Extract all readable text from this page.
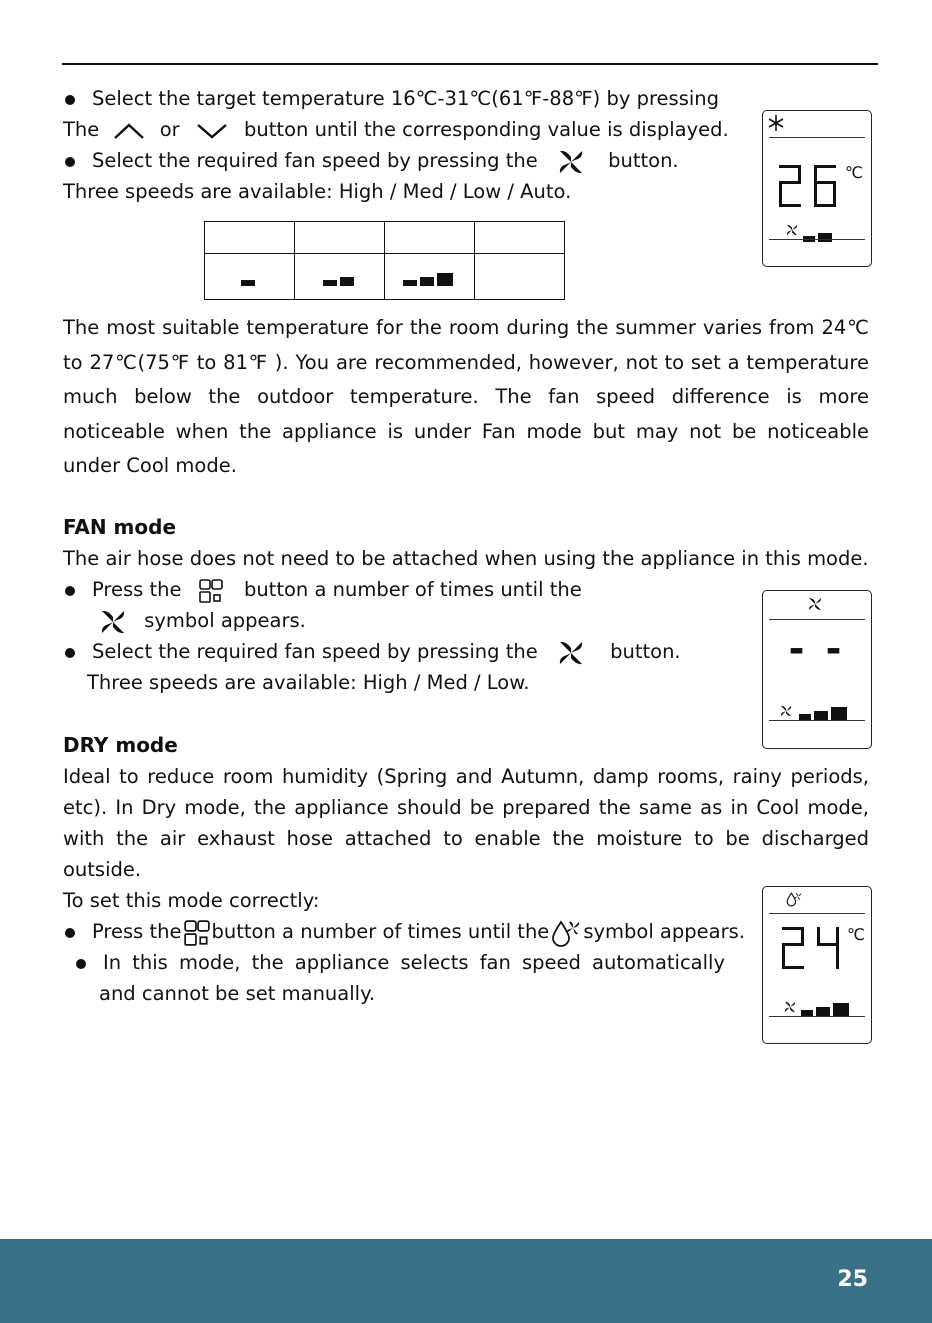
Select the target temperature 16℃-31℃(61℉-88℉) by pressing
The	or	button until the corresponding value is displayed.
Select the required fan speed by pressing the	button.
Three speeds are available: High / Med / Low / Auto.

℃
The most suitable temperature for the room during the summer varies from 24℃ to 27℃(75℉ to 81℉ ). You are recommended, however, not to set a temperature much below the outdoor temperature. The fan speed difference is more noticeable when the appliance is under Fan mode but may not be noticeable under Cool mode.
FAN mode
The air hose does not need to be attached when using the appliance in this mode.
Press the	button a number of times until the
symbol appears.
Select the required fan speed by pressing the	button.
Three speeds are available: High / Med / Low.
- -
DRY mode
Ideal to reduce room humidity (Spring and Autumn, damp rooms, rainy periods, etc). In Dry mode, the appliance should be prepared the same as in Cool mode, with the air exhaust hose attached to enable the moisture to be discharged outside.
To set this mode correctly:
Press the button a number of times until the symbol appears.
In this mode, the appliance selects fan speed automatically
and cannot be set manually.
℃
25
